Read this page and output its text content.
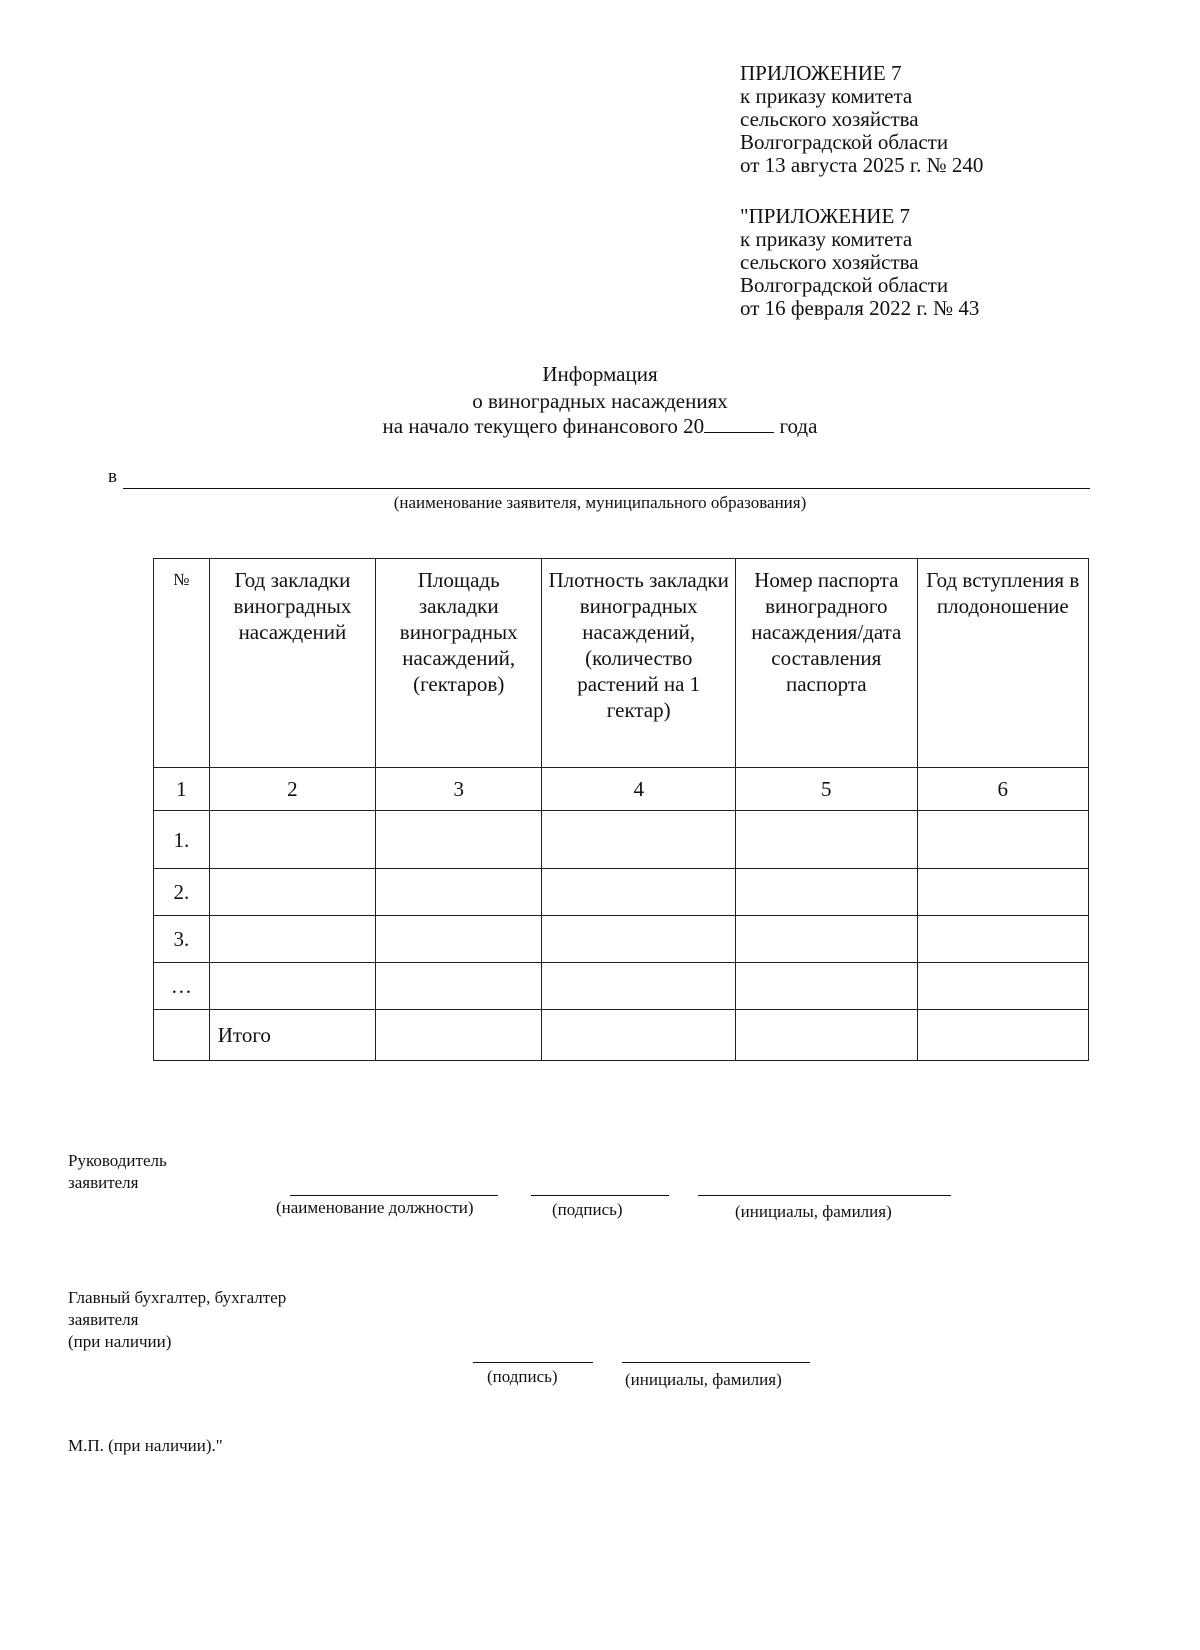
ПРИЛОЖЕНИЕ 7
к приказу комитета
сельского хозяйства
Волгоградской области
от 13 августа 2025 г. № 240
"ПРИЛОЖЕНИЕ 7
к приказу комитета
сельского хозяйства
Волгоградской области
от 16 февраля 2022 г. № 43
Информация
о виноградных насаждениях
на начало текущего финансового 20	года
в
(наименование заявителя, муниципального образования)
№	Год закладки виноградных насаждений	Площадь закладки виноградных насаждений, (гектаров)	Плотность закладки виноградных насаждений, (количество растений на 1 гектар)	Номер паспорта виноградного насаждения/дата составления паспорта	Год вступления в плодоношение
1	2	3	4	5	6
1.					
2.					
3.					
…					
	Итого				
Руководитель
заявителя
(наименование должности)	(подпись)	(инициалы, фамилия)
Главный бухгалтер, бухгалтер
заявителя
(при наличии)
(подпись)	(инициалы, фамилия)
М.П. (при наличии)."
